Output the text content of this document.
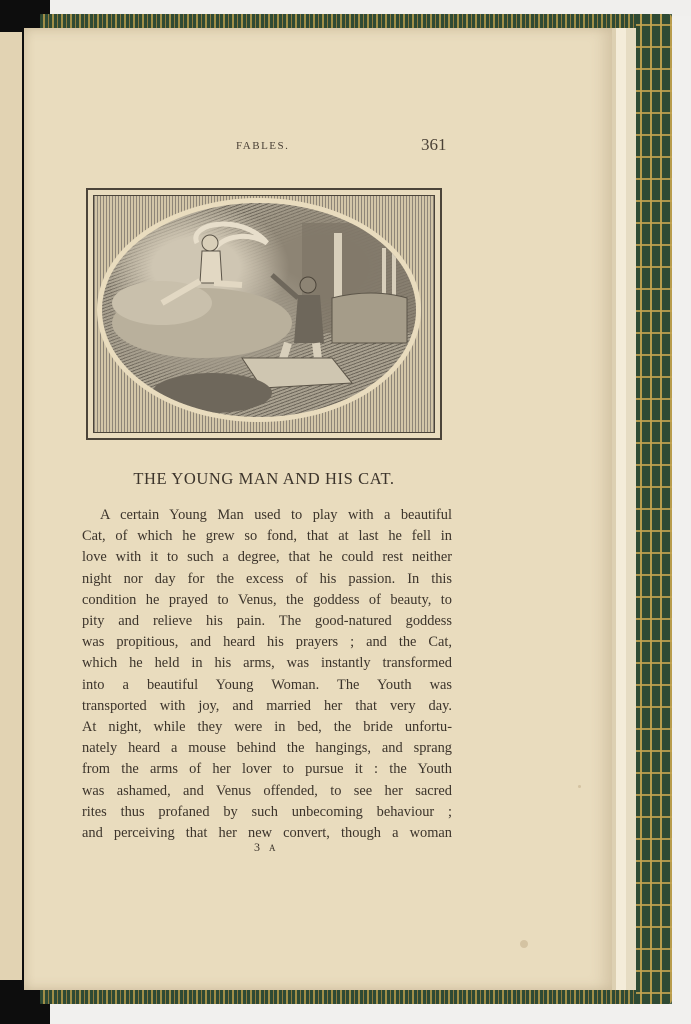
FABLES.	361
THE YOUNG MAN AND HIS CAT.
A certain Young Man used to play with a beautiful
Cat, of which he grew so fond, that at last he fell in
love with it to such a degree, that he could rest neither
night nor day for the excess of his passion. In this
condition he prayed to Venus, the goddess of beauty, to
pity and relieve his pain. The good-natured goddess
was propitious, and heard his prayers ; and the Cat,
which he held in his arms, was instantly transformed
into a beautiful Young Woman. The Youth was
transported with joy, and married her that very day.
At night, while they were in bed, the bride unfortu-
nately heard a mouse behind the hangings, and sprang
from the arms of her lover to pursue it : the Youth
was ashamed, and Venus offended, to see her sacred
rites thus profaned by such unbecoming behaviour ;
and perceiving that her new convert, though a woman
3 A
